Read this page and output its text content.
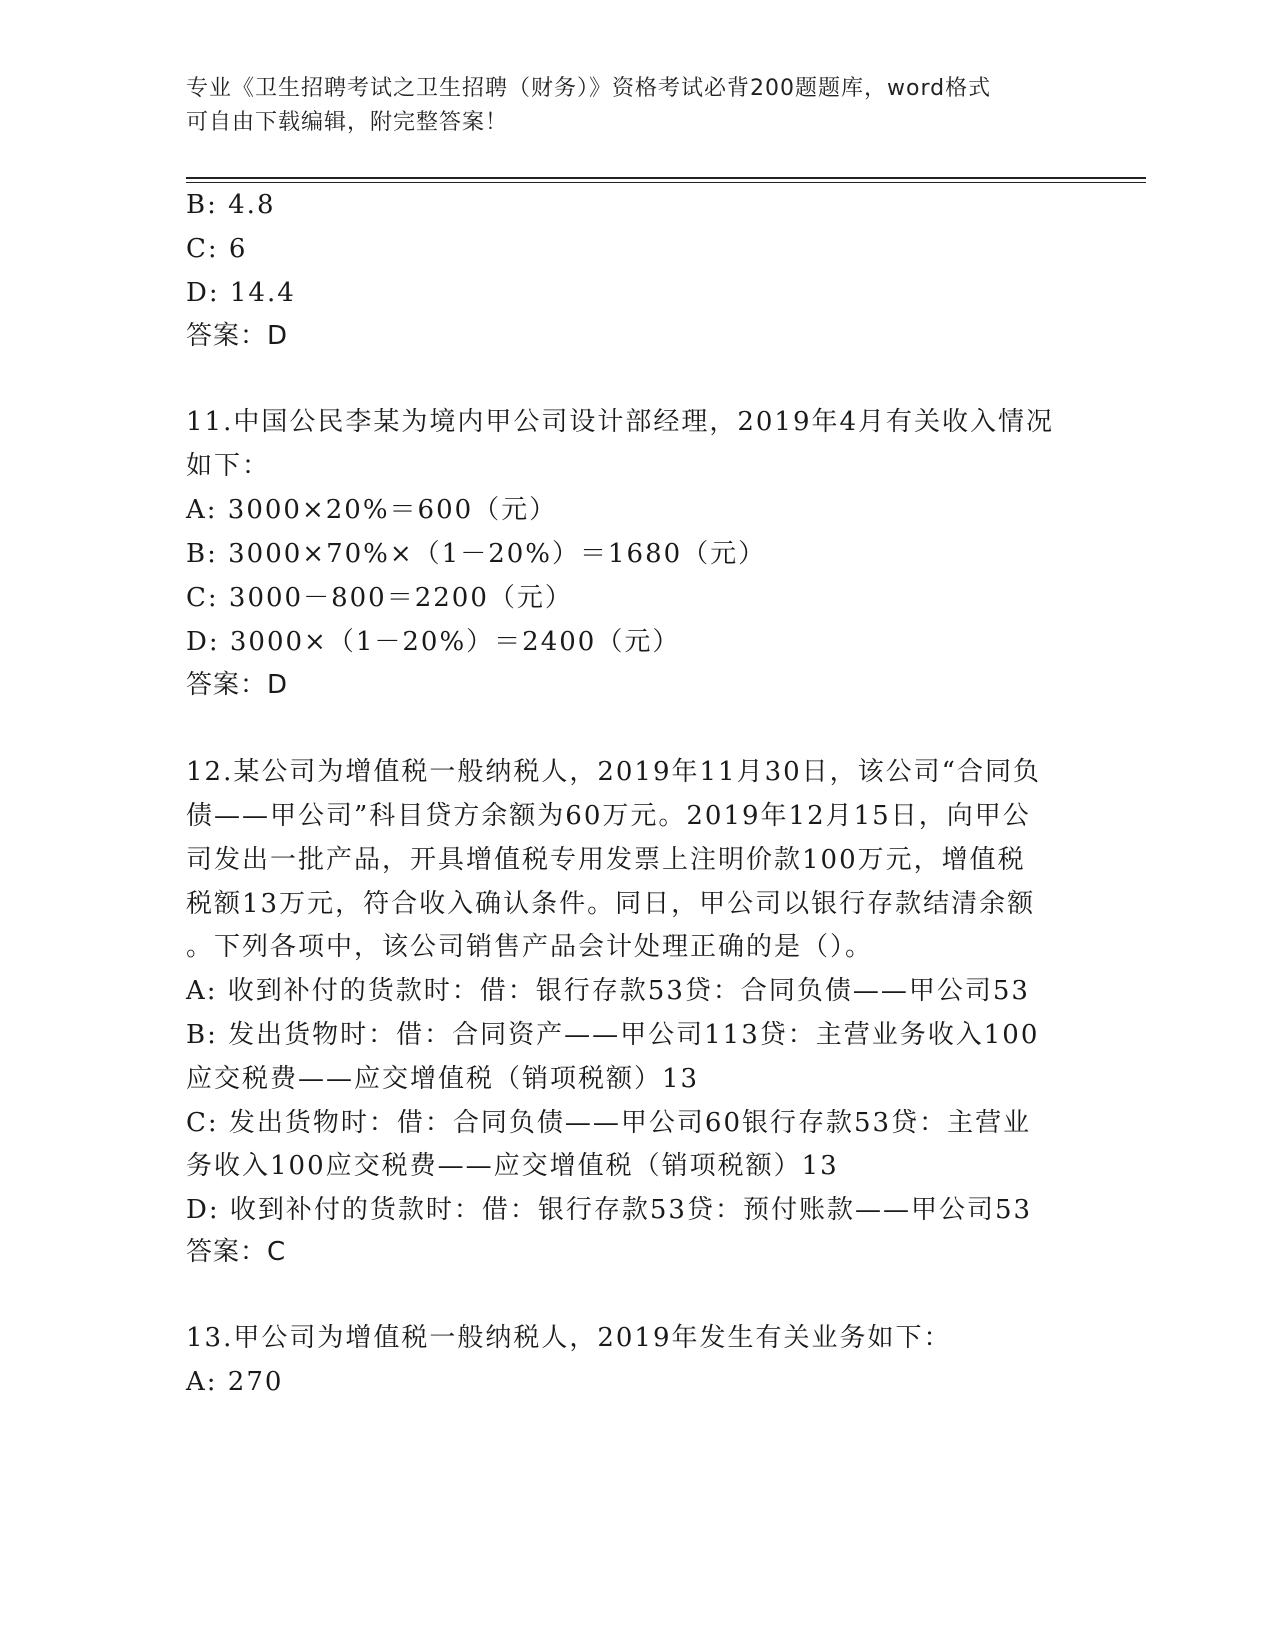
专业《卫生招聘考试之卫生招聘（财务）》资格考试必背200题题库，word格式
可自由下载编辑，附完整答案！
B: 4.8
C: 6
D: 14.4
答案：D
11.中国公民李某为境内甲公司设计部经理，2019年4月有关收入情况
如下：
A: 3000×20%＝600（元）
B: 3000×70%×（1－20%）＝1680（元）
C: 3000－800＝2200（元）
D: 3000×（1－20%）＝2400（元）
答案：D
12.某公司为增值税一般纳税人，2019年11月30日，该公司“合同负
债——甲公司”科目贷方余额为60万元。2019年12月15日，向甲公
司发出一批产品，开具增值税专用发票上注明价款100万元，增值税
税额13万元，符合收入确认条件。同日，甲公司以银行存款结清余额
。下列各项中，该公司销售产品会计处理正确的是（）。
A: 收到补付的货款时：借：银行存款53贷：合同负债——甲公司53
B: 发出货物时：借：合同资产——甲公司113贷：主营业务收入100
应交税费——应交增值税（销项税额）13
C: 发出货物时：借：合同负债——甲公司60银行存款53贷：主营业
务收入100应交税费——应交增值税（销项税额）13
D: 收到补付的货款时：借：银行存款53贷：预付账款——甲公司53
答案：C
13.甲公司为增值税一般纳税人，2019年发生有关业务如下：
A: 270
